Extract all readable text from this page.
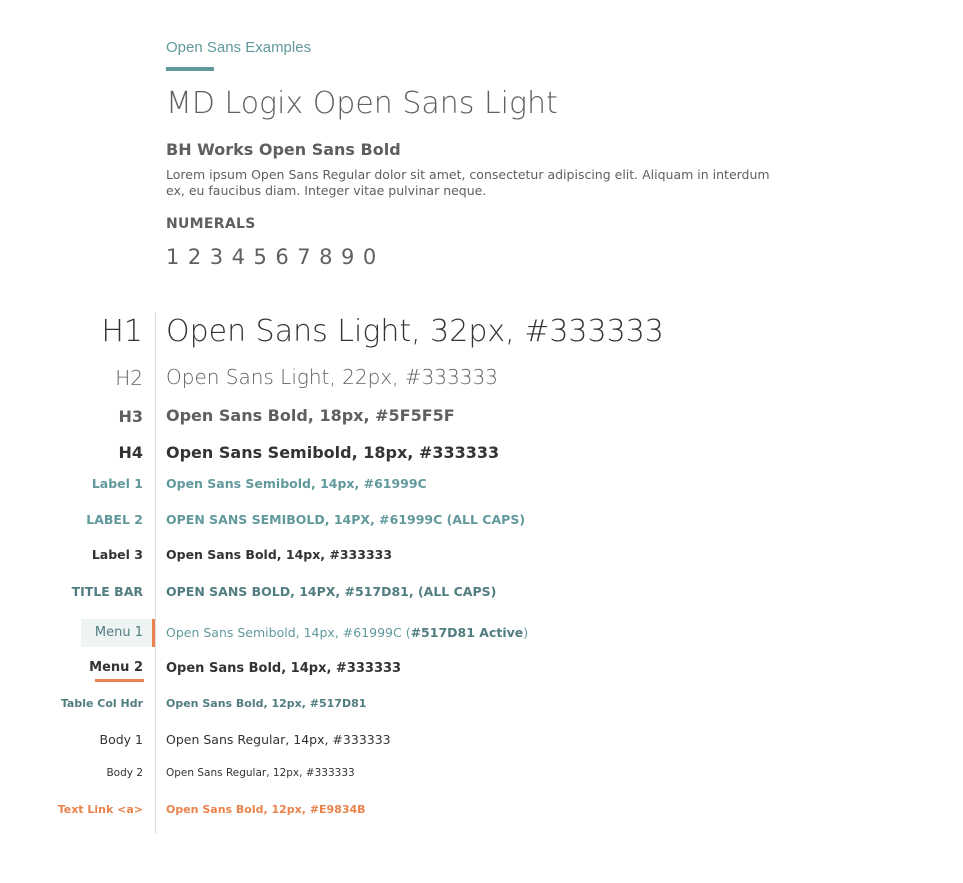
Open Sans Examples
MD Logix Open Sans Light
BH Works Open Sans Bold
Lorem ipsum Open Sans Regular dolor sit amet, consectetur adipiscing elit. Aliquam in interdum ex, eu faucibus diam. Integer vitae pulvinar neque.
NUMERALS
1 2 3 4 5 6 7 8 9 0
H1 Open Sans Light, 32px, #333333
H2 Open Sans Light, 22px, #333333
H3 Open Sans Bold, 18px, #5F5F5F
H4 Open Sans Semibold, 18px, #333333
Label 1 Open Sans Semibold, 14px, #61999C
LABEL 2 OPEN SANS SEMIBOLD, 14PX, #61999C (ALL CAPS)
Label 3 Open Sans Bold, 14px, #333333
TITLE BAR OPEN SANS BOLD, 14PX, #517D81, (ALL CAPS)
Menu 1 Open Sans Semibold, 14px, #61999C (#517D81 Active)
Menu 2 Open Sans Bold, 14px, #333333
Table Col Hdr Open Sans Bold, 12px, #517D81
Body 1 Open Sans Regular, 14px, #333333
Body 2 Open Sans Regular, 12px, #333333
Text Link <a> Open Sans Bold, 12px, #E9834B
